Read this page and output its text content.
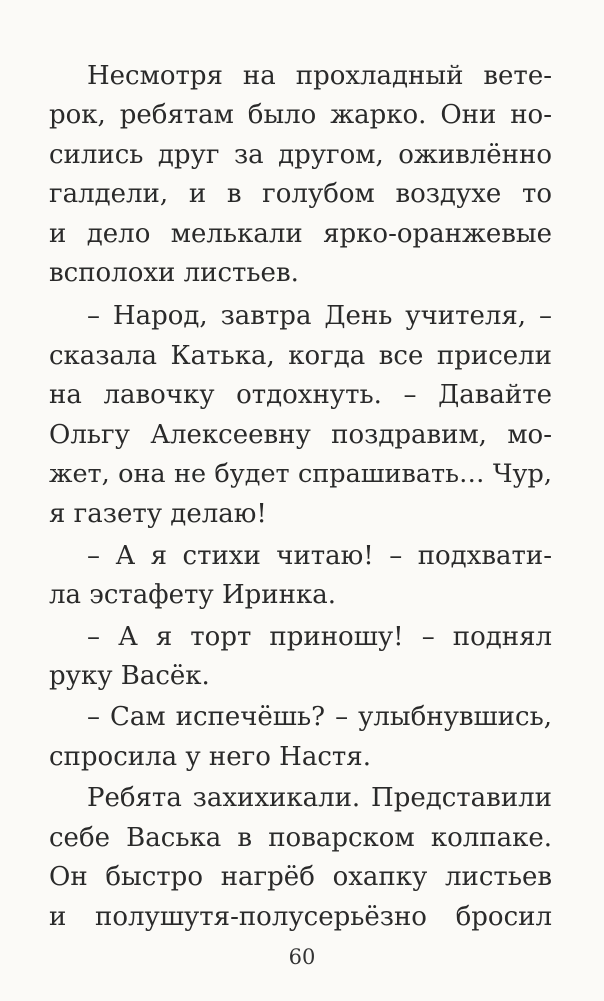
Несмотря на прохладный вете-
рок, ребятам было жарко. Они но-
сились друг за другом, оживлённо
галдели, и в голубом воздухе то
и дело мелькали ярко-оранжевые
всполохи листьев.
– Народ, завтра День учителя, –
сказала Катька, когда все присели
на лавочку отдохнуть. – Давайте
Ольгу Алексеевну поздравим, мо-
жет, она не будет спрашивать… Чур,
я газету делаю!
– А я стихи читаю! – подхвати-
ла эстафету Иринка.
– А я торт приношу! – поднял
руку Васёк.
– Сам испечёшь? – улыбнувшись,
спросила у него Настя.
Ребята захихикали. Представили
себе Васька в поварском колпаке.
Он быстро нагрёб охапку листьев
и полушутя-полусерьёзно бросил
60
